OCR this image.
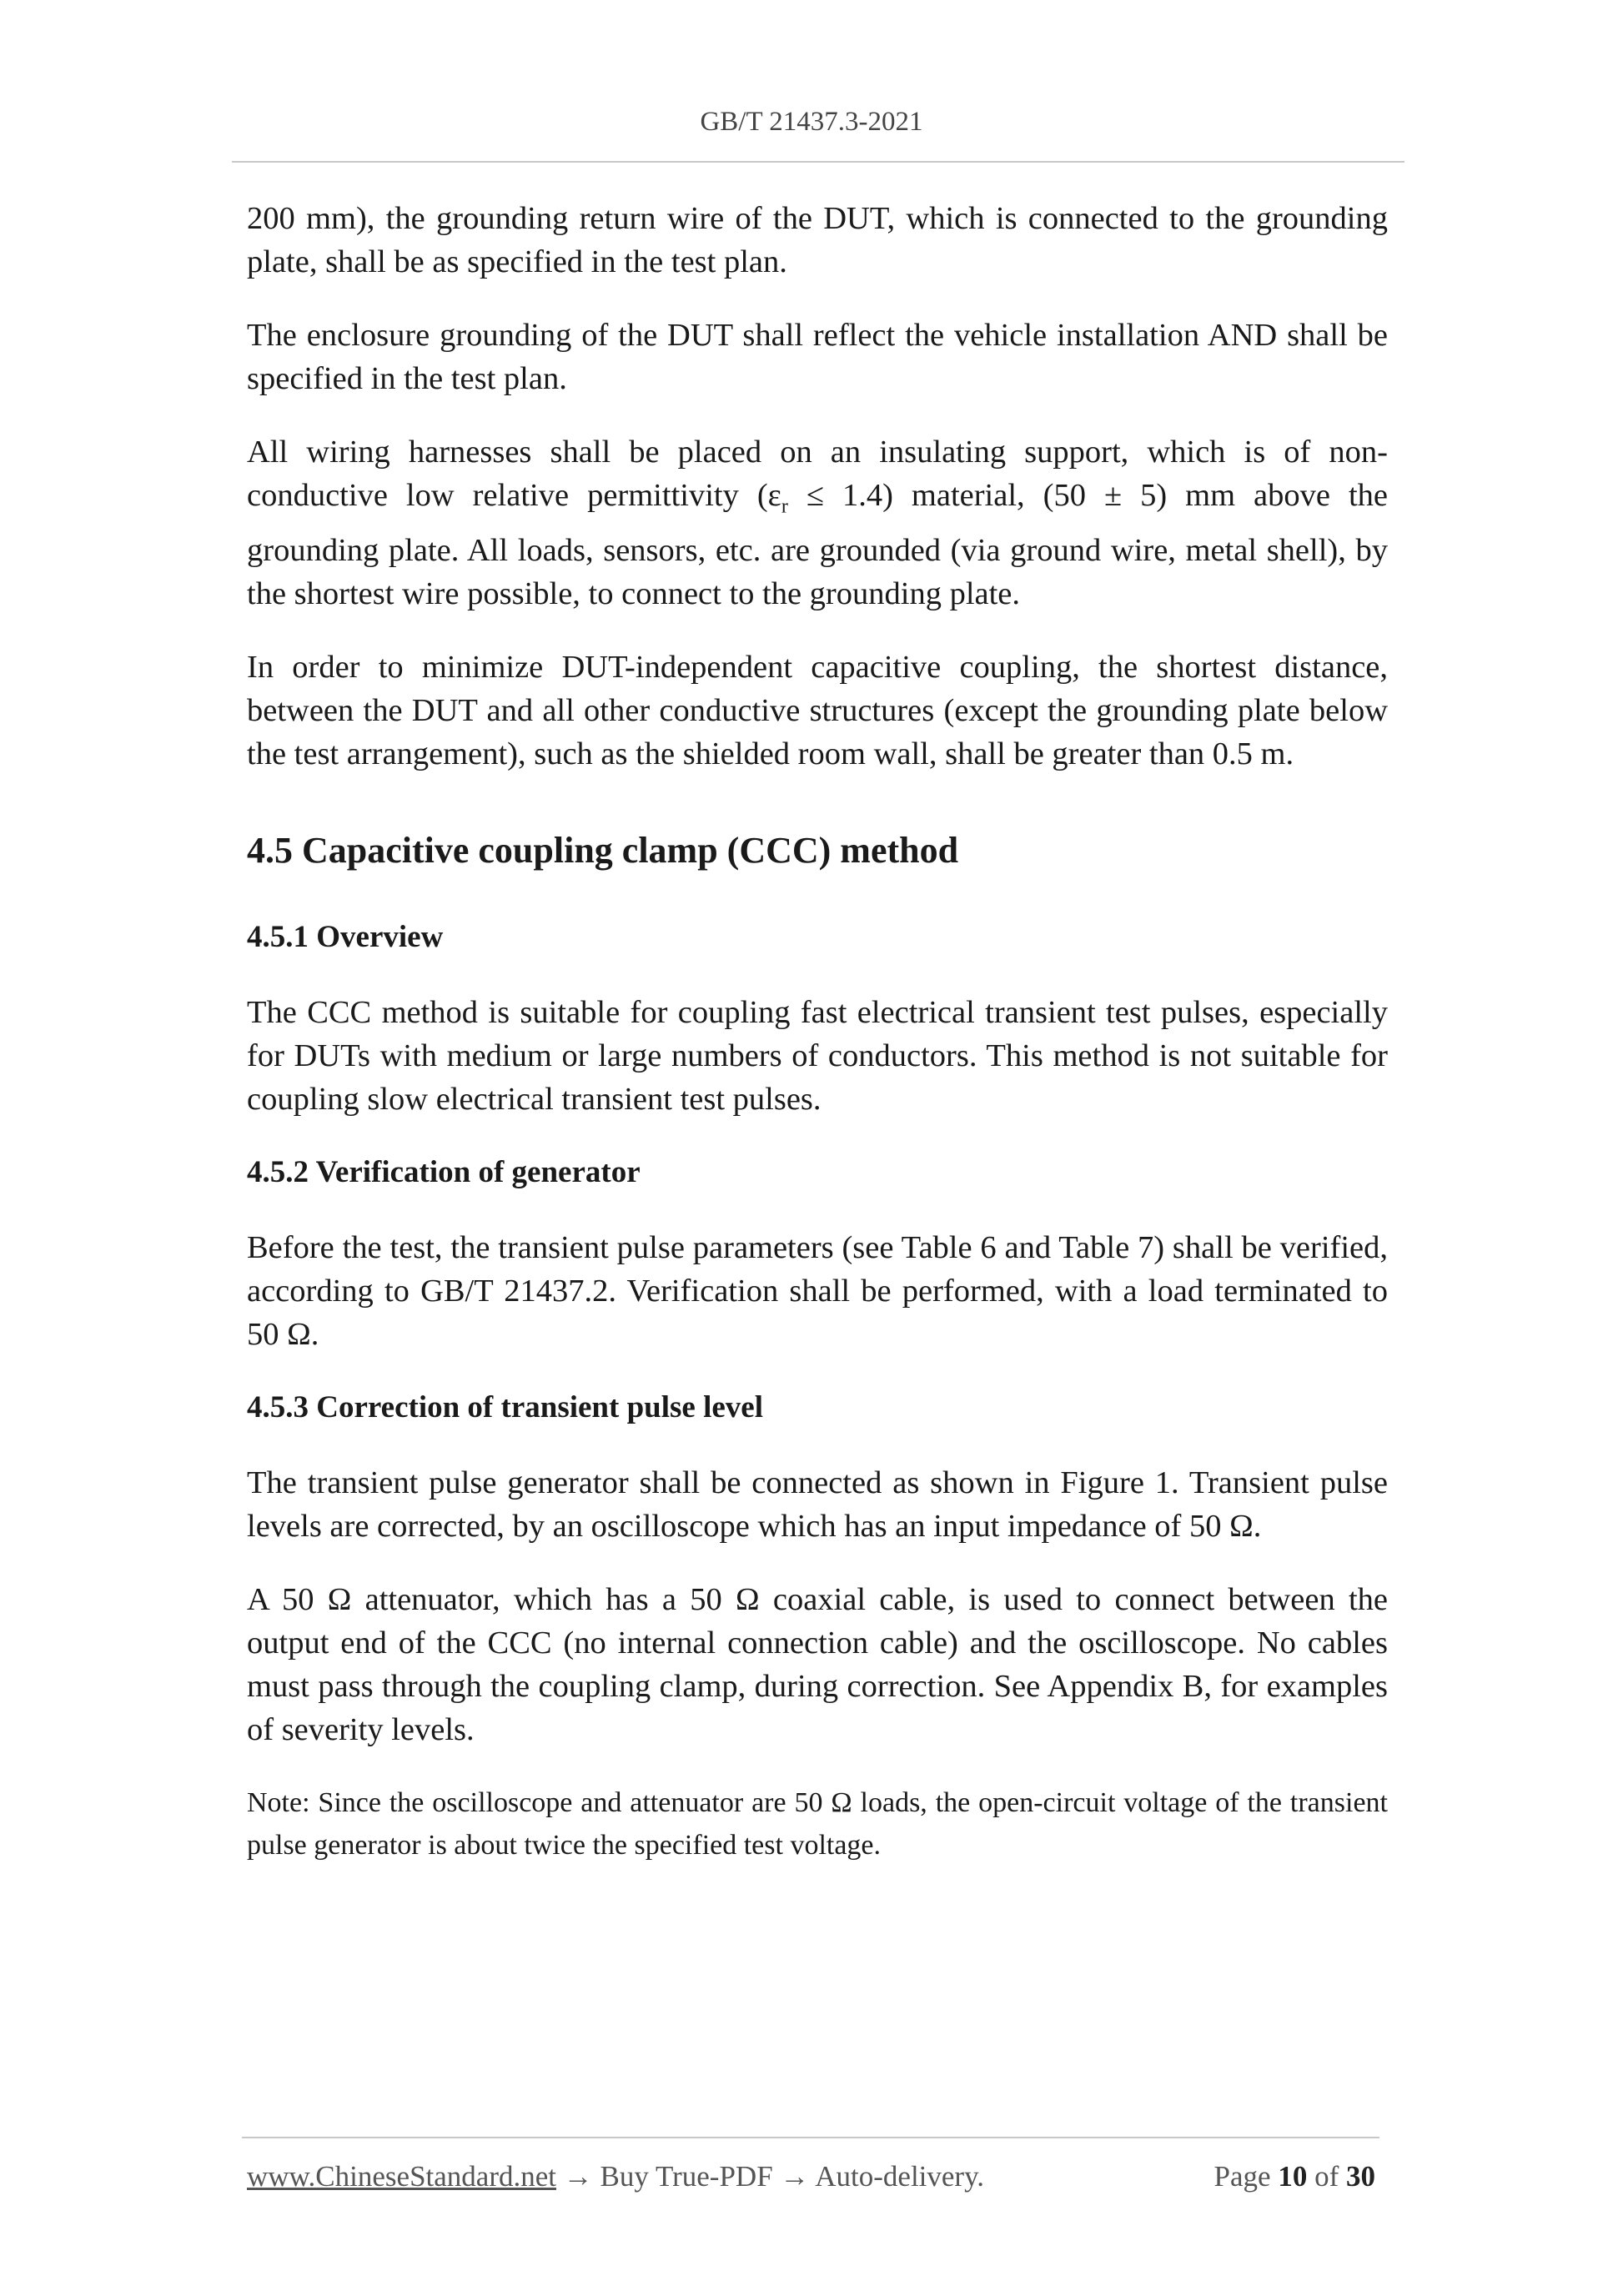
GB/T 21437.3-2021

200 mm), the grounding return wire of the DUT, which is connected to the grounding plate, shall be as specified in the test plan.

The enclosure grounding of the DUT shall reflect the vehicle installation AND shall be specified in the test plan.

All wiring harnesses shall be placed on an insulating support, which is of non-conductive low relative permittivity $(\varepsilon_r \le 1.4)$ material, (50 ± 5) mm above the grounding plate. All loads, sensors, etc. are grounded (via ground wire, metal shell), by the shortest wire possible, to connect to the grounding plate.

In order to minimize DUT-independent capacitive coupling, the shortest distance, between the DUT and all other conductive structures (except the grounding plate below the test arrangement), such as the shielded room wall, shall be greater than 0.5 m.

4.5 Capacitive coupling clamp (CCC) method
4.5.1 Overview

The CCC method is suitable for coupling fast electrical transient test pulses, especially for DUTs with medium or large numbers of conductors. This method is not suitable for coupling slow electrical transient test pulses.

4.5.2 Verification of generator

Before the test, the transient pulse parameters (see Table 6 and Table 7) shall be verified, according to GB/T 21437.2. Verification shall be performed, with a load terminated to 50 Ω.

4.5.3 Correction of transient pulse level

The transient pulse generator shall be connected as shown in Figure 1. Transient pulse levels are corrected, by an oscilloscope which has an input impedance of 50 Ω.

A 50 Ω attenuator, which has a 50 Ω coaxial cable, is used to connect between the output end of the CCC (no internal connection cable) and the oscilloscope. No cables must pass through the coupling clamp, during correction. See Appendix B, for examples of severity levels.

Note: Since the oscilloscope and attenuator are 50 Ω loads, the open-circuit voltage of the transient pulse generator is about twice the specified test voltage.

www.ChineseStandard.net → Buy True-PDF → Auto-delivery.	Page 10 of 30
